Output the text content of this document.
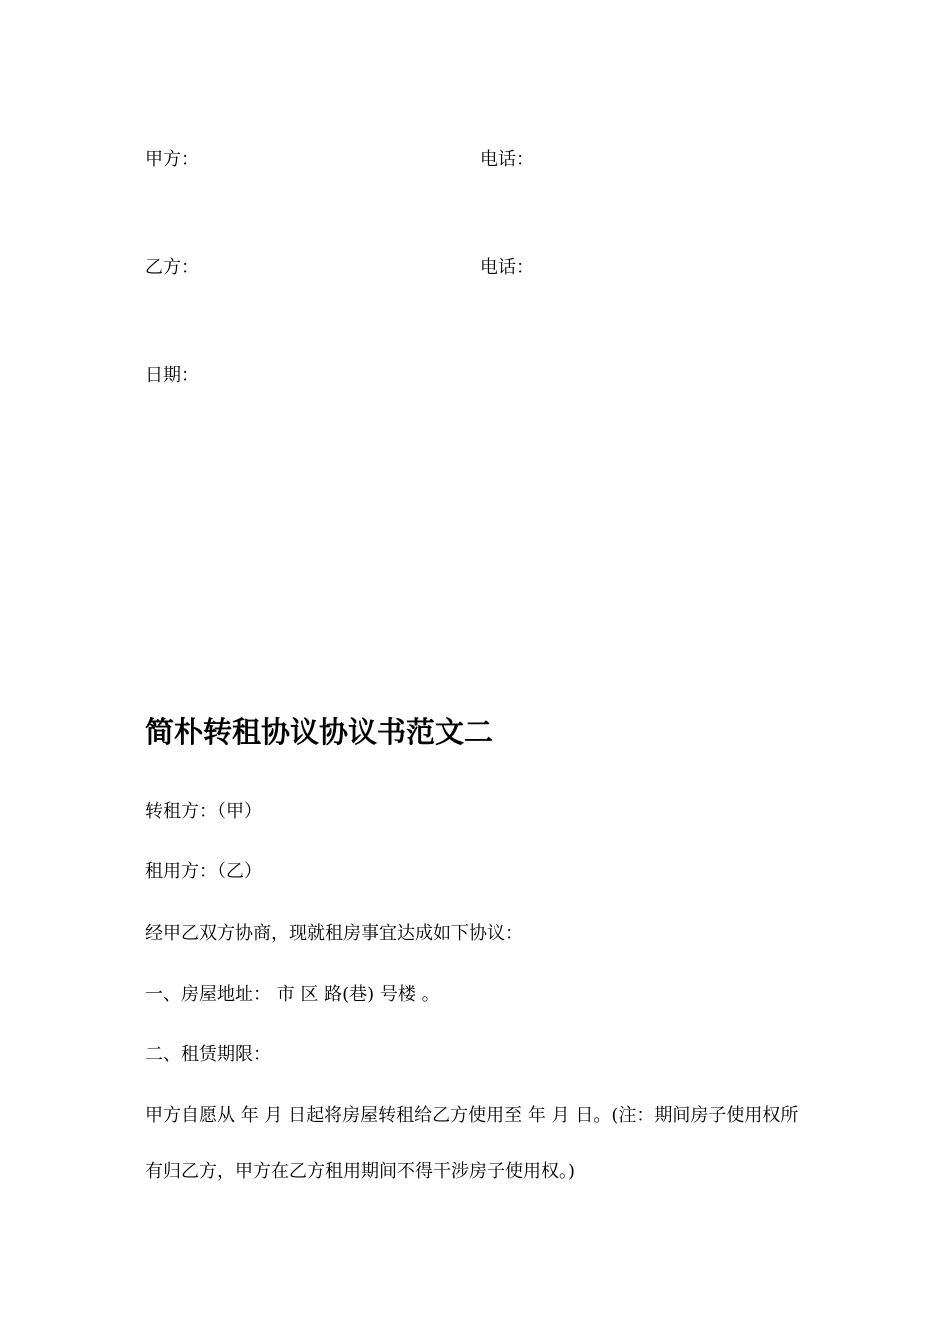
甲方：	电话：
乙方：	电话：
日期：
简朴转租协议协议书范文二
转租方：（甲）
租用方：（乙）
经甲乙双方协商，现就租房事宜达成如下协议：
一、房屋地址： 市 区 路(巷) 号楼 。
二、租赁期限：
甲方自愿从 年 月 日起将房屋转租给乙方使用至 年 月 日。(注：期间房子使用权所有归乙方，甲方在乙方租用期间不得干涉房子使用权。)
